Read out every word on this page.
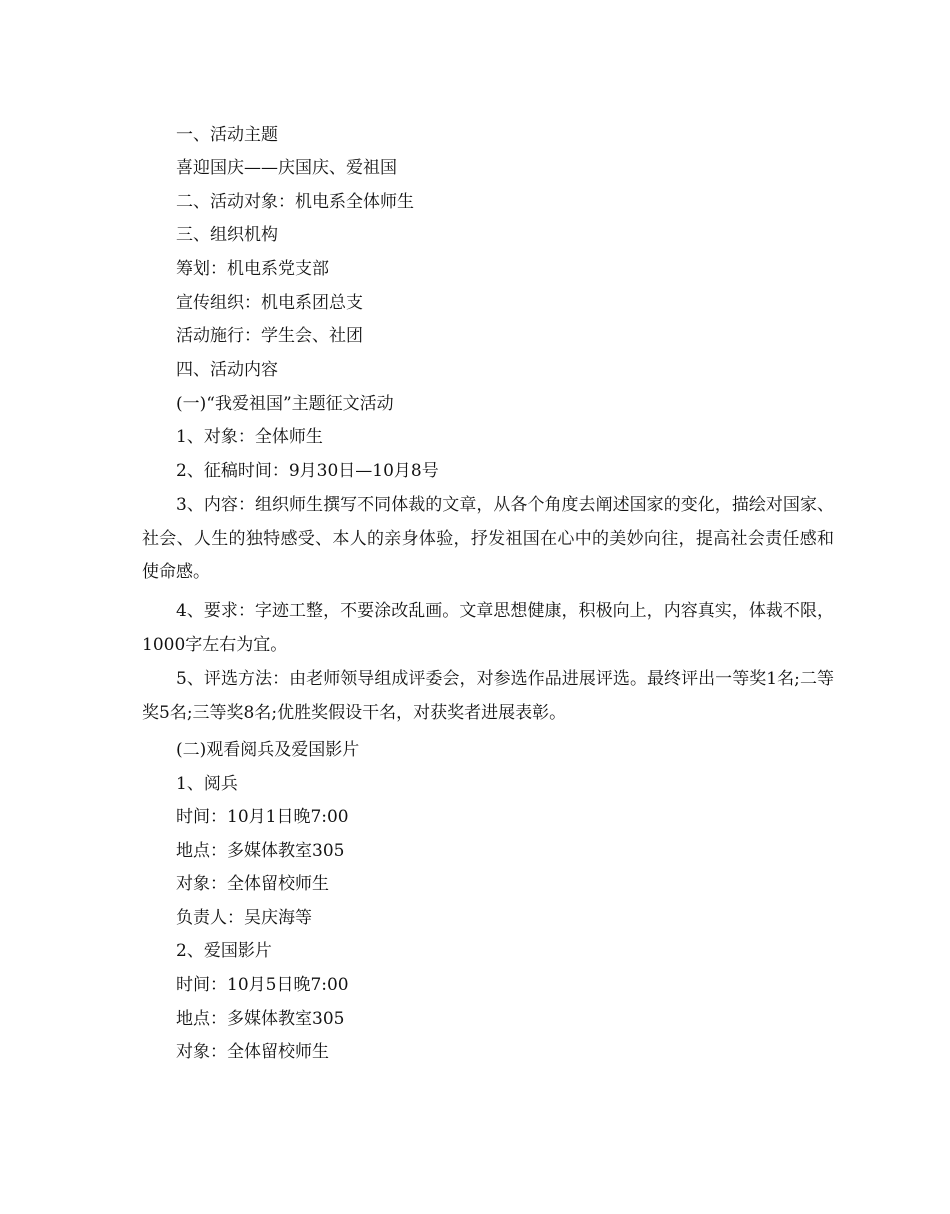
一、活动主题
喜迎国庆——庆国庆、爱祖国
二、活动对象：机电系全体师生
三、组织机构
筹划：机电系党支部
宣传组织：机电系团总支
活动施行：学生会、社团
四、活动内容
(一)“我爱祖国”主题征文活动
1、对象：全体师生
2、征稿时间：9月30日—10月8号
3、内容：组织师生撰写不同体裁的文章，从各个角度去阐述国家的变化，描绘对国家、社会、人生的独特感受、本人的亲身体验，抒发祖国在心中的美妙向往，提高社会责任感和使命感。
4、要求：字迹工整，不要涂改乱画。文章思想健康，积极向上，内容真实，体裁不限，1000字左右为宜。
5、评选方法：由老师领导组成评委会，对参选作品进展评选。最终评出一等奖1名;二等奖5名;三等奖8名;优胜奖假设干名，对获奖者进展表彰。
(二)观看阅兵及爱国影片
1、阅兵
时间：10月1日晚7:00
地点：多媒体教室305
对象：全体留校师生
负责人：吴庆海等
2、爱国影片
时间：10月5日晚7:00
地点：多媒体教室305
对象：全体留校师生
